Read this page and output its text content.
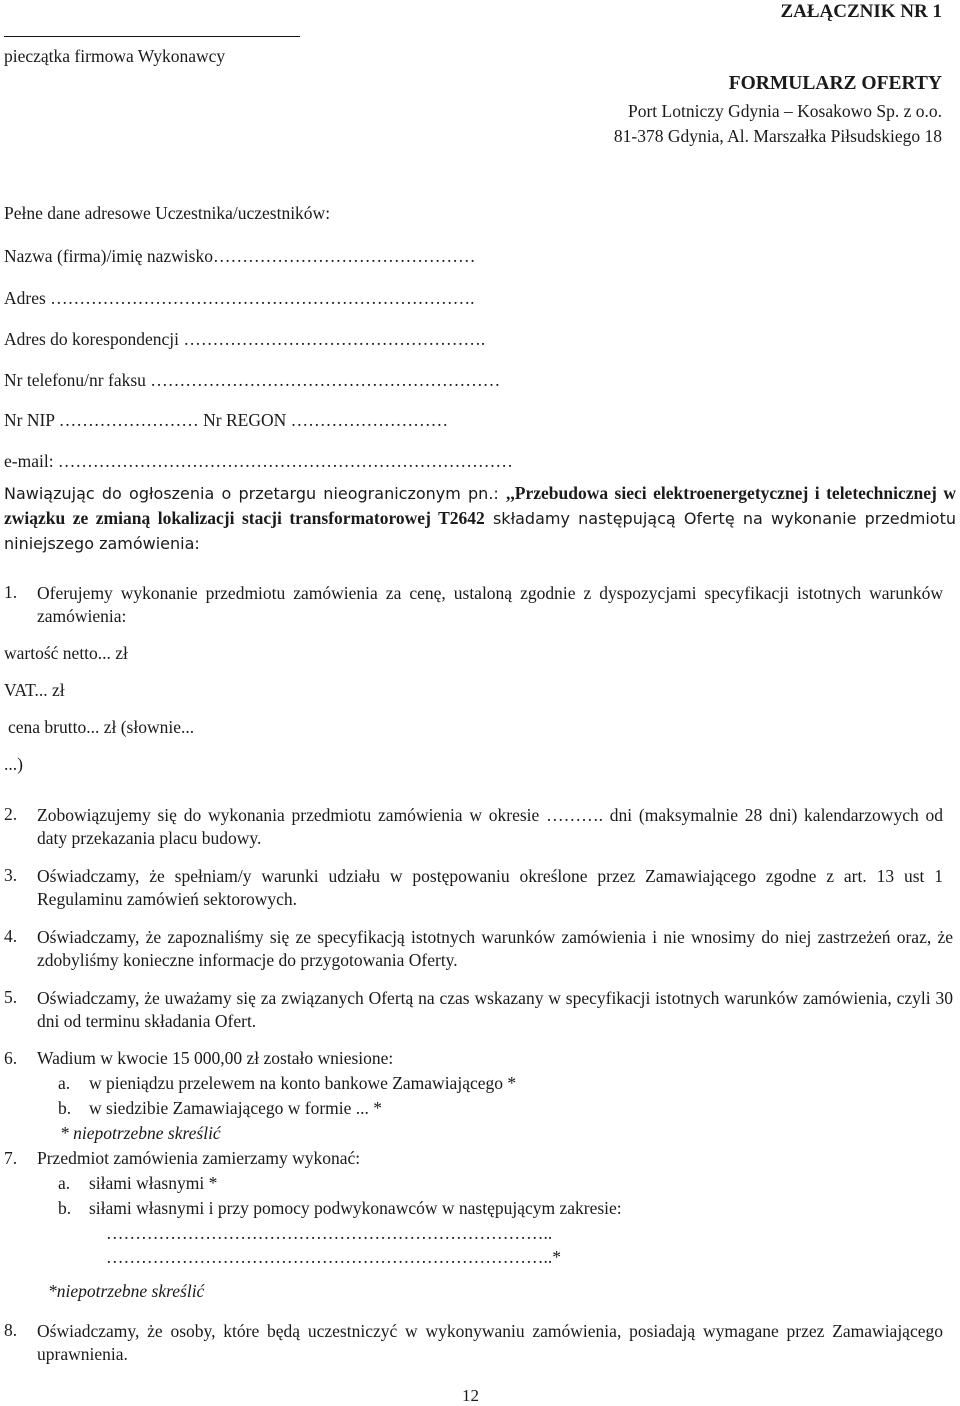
ZAŁĄCZNIK NR 1
pieczątka firmowa Wykonawcy
FORMULARZ OFERTY
Port Lotniczy Gdynia – Kosakowo Sp. z o.o.
81-378 Gdynia, Al. Marszałka Piłsudskiego 18
Pełne dane adresowe Uczestnika/uczestników:
Nazwa (firma)/imię nazwisko………………………………………
Adres ……………………………………………………………….
Adres do korespondencji …………………………………………….
Nr telefonu/nr faksu ……………………………………………………
Nr NIP …………………… Nr REGON ………………………
e-mail: ……………………………………………………………………
Nawiązując do ogłoszenia o przetargu nieograniczonym pn.: ,,Przebudowa sieci elektroenergetycznej i teletechnicznej w związku ze zmianą lokalizacji stacji transformatorowej T2642 składamy następującą Ofertę na wykonanie przedmiotu niniejszego zamówienia:
1. Oferujemy wykonanie przedmiotu zamówienia za cenę, ustaloną zgodnie z dyspozycjami specyfikacji istotnych warunków zamówienia:
wartość netto... zł
VAT... zł
cena brutto... zł (słownie...
...)
2. Zobowiązujemy się do wykonania przedmiotu zamówienia w okresie ………. dni (maksymalnie 28 dni) kalendarzowych od daty przekazania placu budowy.
3. Oświadczamy, że spełniam/y warunki udziału w postępowaniu określone przez Zamawiającego zgodne z art. 13 ust 1 Regulaminu zamówień sektorowych.
4. Oświadczamy, że zapoznaliśmy się ze specyfikacją istotnych warunków zamówienia i nie wnosimy do niej zastrzeżeń oraz, że zdobyliśmy konieczne informacje do przygotowania Oferty.
5. Oświadczamy, że uważamy się za związanych Ofertą na czas wskazany w specyfikacji istotnych warunków zamówienia, czyli 30 dni od terminu składania Ofert.
6. Wadium w kwocie 15 000,00 zł zostało wniesione:
a. w pieniądzu przelewem na konto bankowe Zamawiającego *
b. w siedzibie Zamawiającego w formie ... *
* niepotrzebne skreślić
7. Przedmiot zamówienia zamierzamy wykonać:
a. siłami własnymi *
b. siłami własnymi i przy pomocy podwykonawców w następującym zakresie:
…………………………………………………………………..
…………………………………………………………………..*
*niepotrzebne skreślić
8. Oświadczamy, że osoby, które będą uczestniczyć w wykonywaniu zamówienia, posiadają wymagane przez Zamawiającego uprawnienia.
12
